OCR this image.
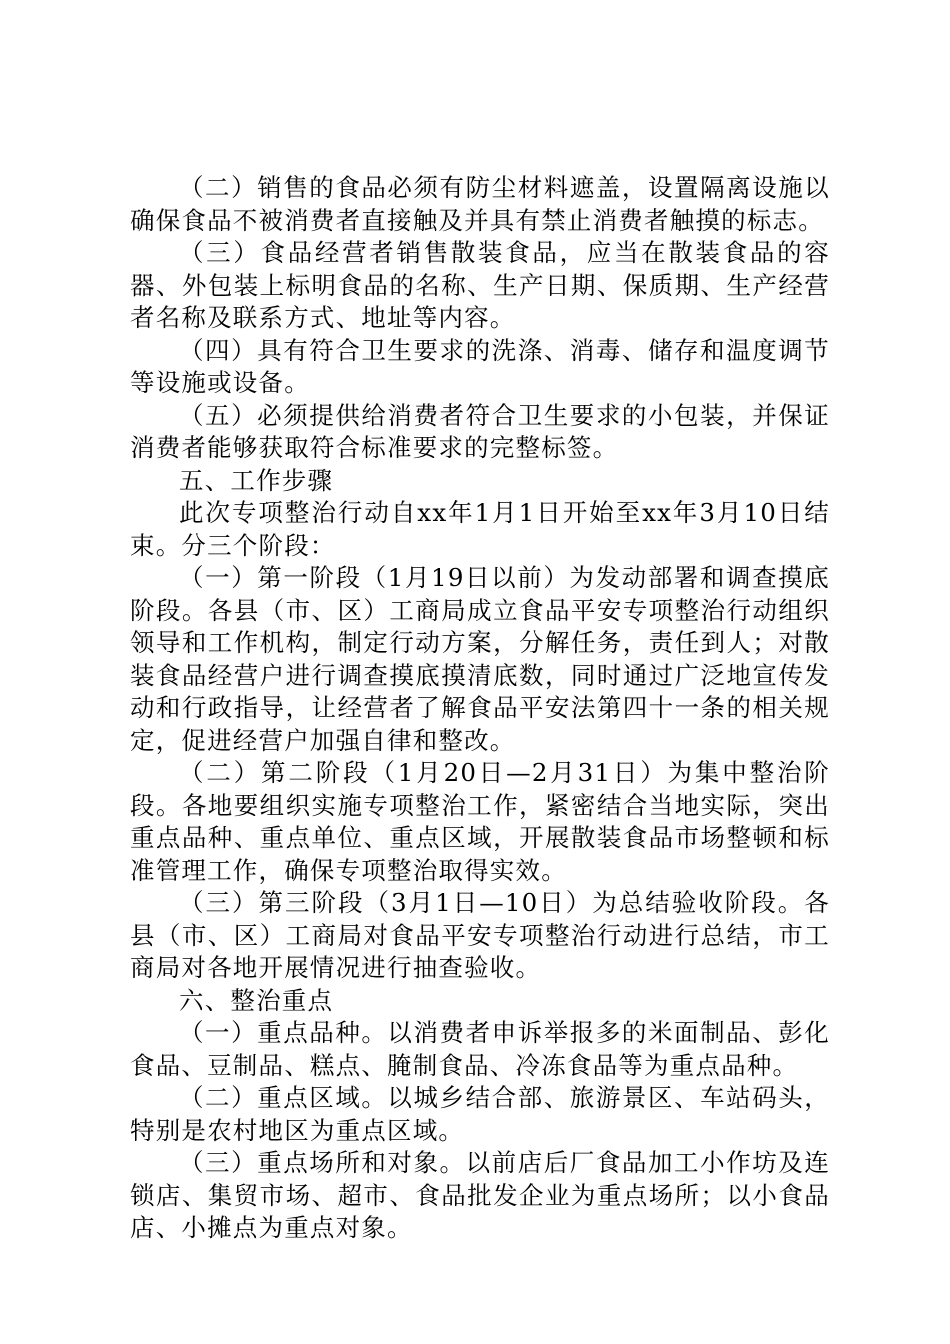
（二）销售的食品必须有防尘材料遮盖，设置隔离设施以确保食品不被消费者直接触及并具有禁止消费者触摸的标志。

（三）食品经营者销售散装食品，应当在散装食品的容器、外包装上标明食品的名称、生产日期、保质期、生产经营者名称及联系方式、地址等内容。

（四）具有符合卫生要求的洗涤、消毒、储存和温度调节等设施或设备。

（五）必须提供给消费者符合卫生要求的小包装，并保证消费者能够获取符合标准要求的完整标签。

五、工作步骤

此次专项整治行动自xx年1月1日开始至xx年3月10日结束。分三个阶段：

（一）第一阶段（1月19日以前）为发动部署和调查摸底阶段。各县（市、区）工商局成立食品平安专项整治行动组织领导和工作机构，制定行动方案，分解任务，责任到人；对散装食品经营户进行调查摸底摸清底数，同时通过广泛地宣传发动和行政指导，让经营者了解食品平安法第四十一条的相关规定，促进经营户加强自律和整改。

（二）第二阶段（1月20日—2月31日）为集中整治阶段。各地要组织实施专项整治工作，紧密结合当地实际，突出重点品种、重点单位、重点区域，开展散装食品市场整顿和标准管理工作，确保专项整治取得实效。

（三）第三阶段（3月1日—10日）为总结验收阶段。各县（市、区）工商局对食品平安专项整治行动进行总结，市工商局对各地开展情况进行抽查验收。

六、整治重点

（一）重点品种。以消费者申诉举报多的米面制品、彭化食品、豆制品、糕点、腌制食品、冷冻食品等为重点品种。

（二）重点区域。以城乡结合部、旅游景区、车站码头，特别是农村地区为重点区域。

（三）重点场所和对象。以前店后厂食品加工小作坊及连锁店、集贸市场、超市、食品批发企业为重点场所；以小食品店、小摊点为重点对象。
